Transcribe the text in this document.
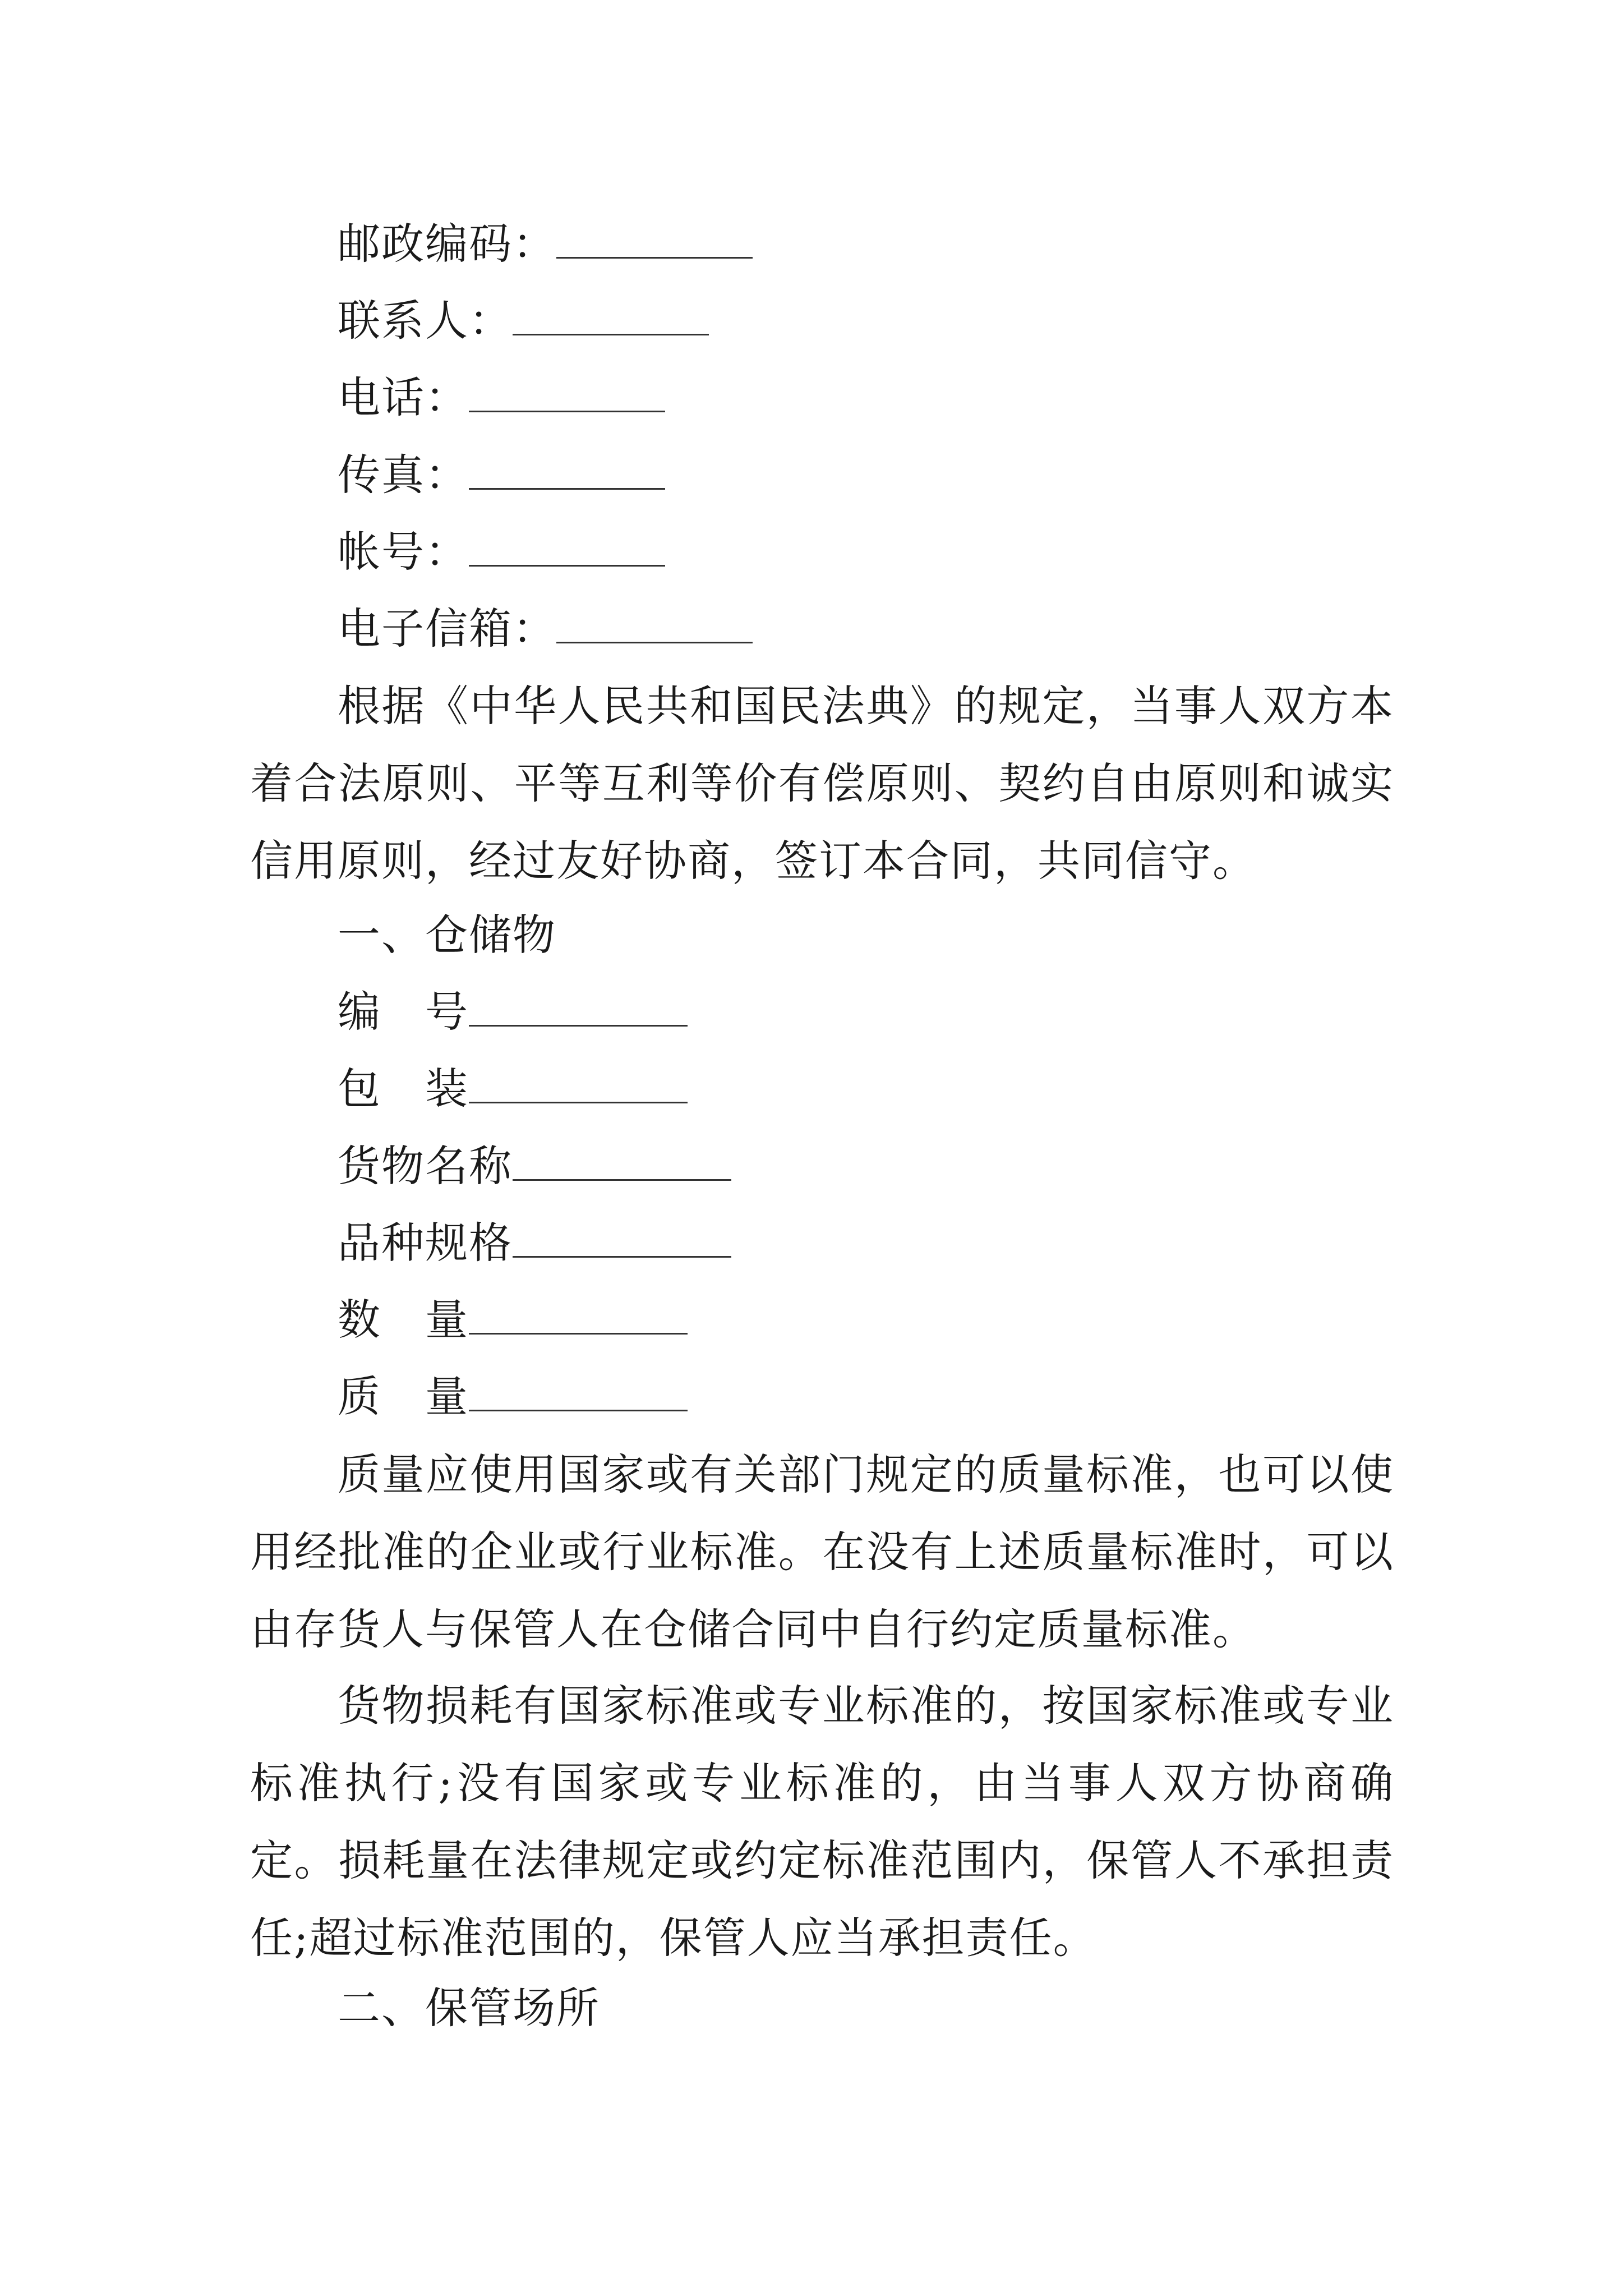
邮政编码：
联系人：
电话：
传真：
帐号：
电子信箱：

根据《中华人民共和国民法典》的规定，当事人双方本着合法原则、平等互利等价有偿原则、契约自由原则和诚实信用原则，经过友好协商，签订本合同，共同信守。

一、仓储物
编 号
包 装
货物名称
品种规格
数 量
质 量

质量应使用国家或有关部门规定的质量标准，也可以使用经批准的企业或行业标准。在没有上述质量标准时，可以由存货人与保管人在仓储合同中自行约定质量标准。

货物损耗有国家标准或专业标准的，按国家标准或专业标准执行;没有国家或专业标准的，由当事人双方协商确定。损耗量在法律规定或约定标准范围内，保管人不承担责任;超过标准范围的，保管人应当承担责任。

二、保管场所
